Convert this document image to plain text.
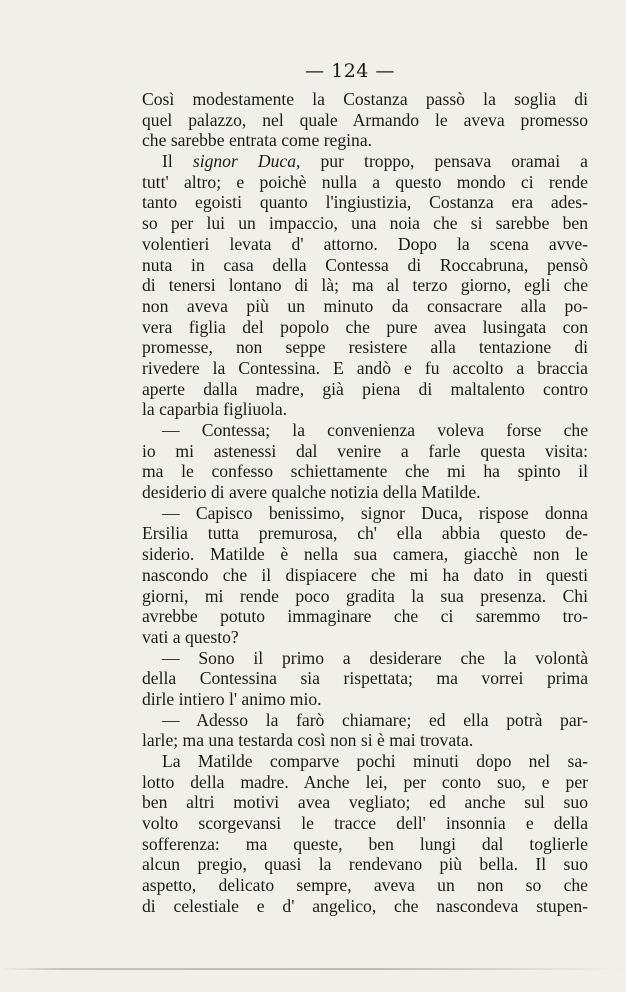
— 124 —
Così modestamente la Costanza passò la soglia di
quel palazzo, nel quale Armando le aveva promesso
che sarebbe entrata come regina.
Il signor Duca, pur troppo, pensava oramai a
tutt' altro; e poichè nulla a questo mondo ci rende
tanto egoisti quanto l'ingiustizia, Costanza era ades-
so per lui un impaccio, una noia che si sarebbe ben
volentieri levata d' attorno. Dopo la scena avve-
nuta in casa della Contessa di Roccabruna, pensò
di tenersi lontano di là; ma al terzo giorno, egli che
non aveva più un minuto da consacrare alla po-
vera figlia del popolo che pure avea lusingata con
promesse, non seppe resistere alla tentazione di
rivedere la Contessina. E andò e fu accolto a braccia
aperte dalla madre, già piena di maltalento contro
la caparbia figliuola.
— Contessa; la convenienza voleva forse che
io mi astenessi dal venire a farle questa visita:
ma le confesso schiettamente che mi ha spinto il
desiderio di avere qualche notizia della Matilde.
— Capisco benissimo, signor Duca, rispose donna
Ersilia tutta premurosa, ch' ella abbia questo de-
siderio. Matilde è nella sua camera, giacchè non le
nascondo che il dispiacere che mi ha dato in questi
giorni, mi rende poco gradita la sua presenza. Chi
avrebbe potuto immaginare che ci saremmo tro-
vati a questo?
— Sono il primo a desiderare che la volontà
della Contessina sia rispettata; ma vorrei prima
dirle intiero l' animo mio.
— Adesso la farò chiamare; ed ella potrà par-
larle; ma una testarda così non si è mai trovata.
La Matilde comparve pochi minuti dopo nel sa-
lotto della madre. Anche lei, per conto suo, e per
ben altri motivi avea vegliato; ed anche sul suo
volto scorgevansi le tracce dell' insonnia e della
sofferenza: ma queste, ben lungi dal toglierle
alcun pregio, quasi la rendevano più bella. Il suo
aspetto, delicato sempre, aveva un non so che
di celestiale e d' angelico, che nascondeva stupen-
